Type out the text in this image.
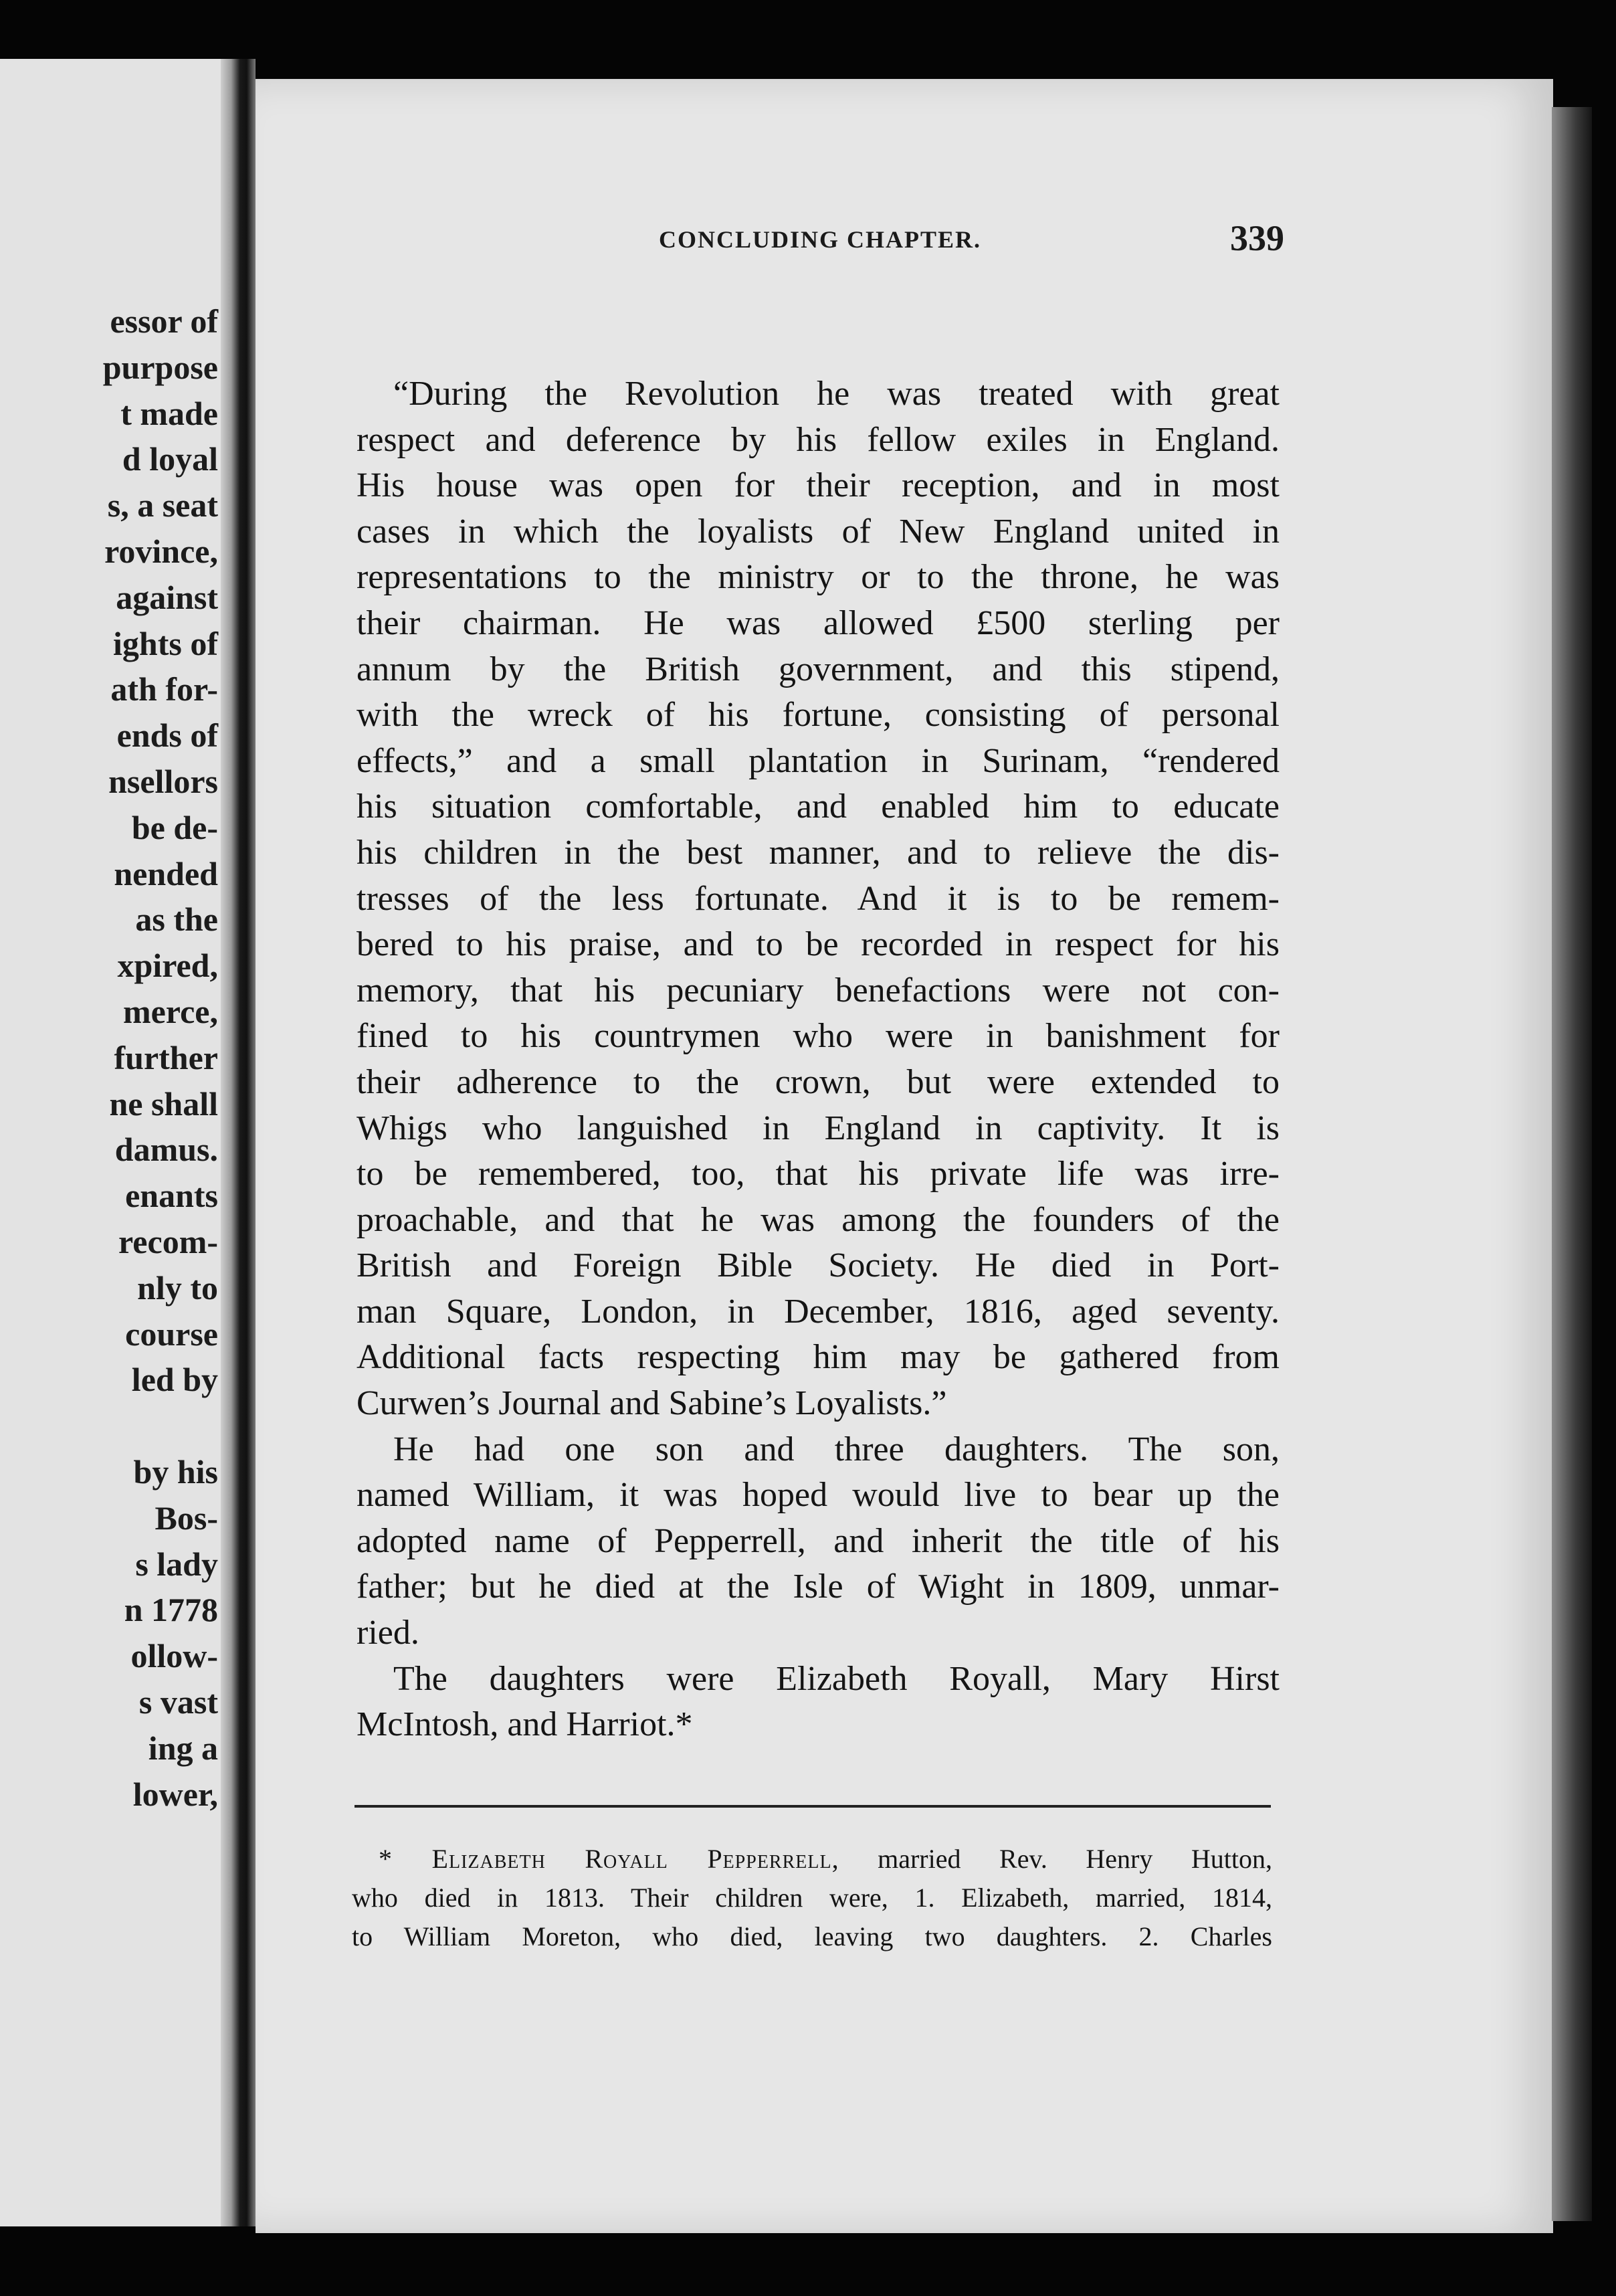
essor of
purpose
t made
d loyal
s, a seat
rovince,
against
ights of
ath for-
ends of
nsellors
be de-
nended
as the
xpired,
merce,
further
ne shall
damus.
enants
recom-
nly to
course
led by
by his
Bos-
s lady
n 1778
ollow-
s vast
ing a
lower,
CONCLUDING CHAPTER.	339
“During the Revolution he was treated with great
respect and deference by his fellow exiles in England.
His house was open for their reception, and in most
cases in which the loyalists of New England united in
representations to the ministry or to the throne, he was
their chairman. He was allowed £500 sterling per
annum by the British government, and this stipend,
with the wreck of his fortune, consisting of personal
effects,” and a small plantation in Surinam, “rendered
his situation comfortable, and enabled him to educate
his children in the best manner, and to relieve the dis-
tresses of the less fortunate. And it is to be remem-
bered to his praise, and to be recorded in respect for his
memory, that his pecuniary benefactions were not con-
fined to his countrymen who were in banishment for
their adherence to the crown, but were extended to
Whigs who languished in England in captivity. It is
to be remembered, too, that his private life was irre-
proachable, and that he was among the founders of the
British and Foreign Bible Society. He died in Port-
man Square, London, in December, 1816, aged seventy.
Additional facts respecting him may be gathered from
Curwen’s Journal and Sabine’s Loyalists.”
He had one son and three daughters. The son,
named William, it was hoped would live to bear up the
adopted name of Pepperrell, and inherit the title of his
father; but he died at the Isle of Wight in 1809, unmar-
ried.
The daughters were Elizabeth Royall, Mary Hirst
McIntosh, and Harriot.*
* Elizabeth Royall Pepperrell, married Rev. Henry Hutton,
who died in 1813. Their children were, 1. Elizabeth, married, 1814,
to William Moreton, who died, leaving two daughters. 2. Charles
